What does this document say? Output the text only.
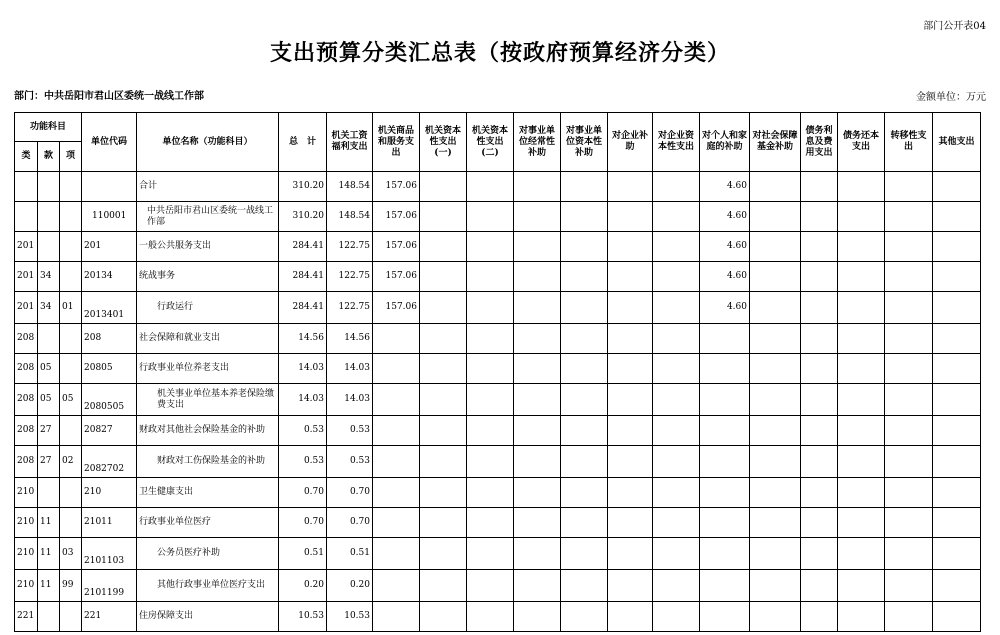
部门公开表04
支出预算分类汇总表（按政府预算经济分类）
部门：中共岳阳市君山区委统一战线工作部	金额单位：万元
功能科目			单位代码	单位名称（功能科目）	总　计	机关工资福利支出	机关商品和服务支出	机关资本性支出(一)	机关资本性支出(二)	对事业单位经常性补助	对事业单位资本性补助	对企业补助	对企业资本性支出	对个人和家庭的补助	对社会保障基金补助	债务利息及费用支出	债务还本支出	转移性支出	其他支出
类	款	项																	
				合计	310.20	148.54	157.06							4.60					
			110001	中共岳阳市君山区委统一战线工作部	310.20	148.54	157.06							4.60					
201			201	一般公共服务支出	284.41	122.75	157.06							4.60					
201	34		20134	统战事务	284.41	122.75	157.06							4.60					
201	34	01	2013401	行政运行	284.41	122.75	157.06							4.60					
208			208	社会保障和就业支出	14.56	14.56													
208	05		20805	行政事业单位养老支出	14.03	14.03													
208	05	05	2080505	机关事业单位基本养老保险缴费支出	14.03	14.03													
208	27		20827	财政对其他社会保险基金的补助	0.53	0.53													
208	27	02	2082702	财政对工伤保险基金的补助	0.53	0.53													
210			210	卫生健康支出	0.70	0.70													
210	11		21011	行政事业单位医疗	0.70	0.70													
210	11	03	2101103	公务员医疗补助	0.51	0.51													
210	11	99	2101199	其他行政事业单位医疗支出	0.20	0.20													
221			221	住房保障支出	10.53	10.53													
